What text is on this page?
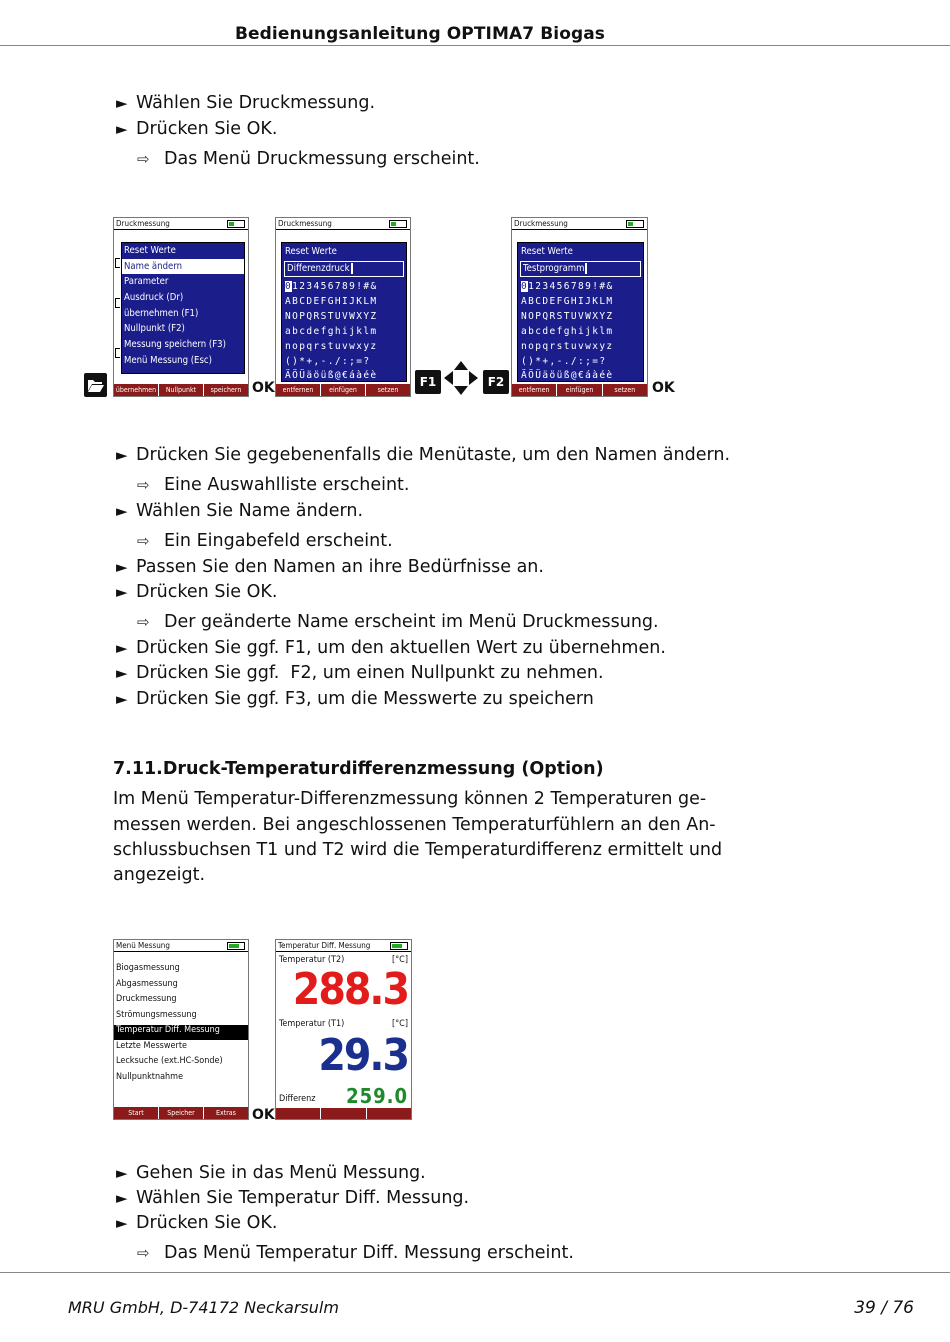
Bedienungsanleitung OPTIMA7 Biogas
► Wählen Sie Druckmessung.
► Drücken Sie OK.
⇨ Das Menü Druckmessung erscheint.
Druckmessung
Reset Werte
Name ändern
Parameter
Ausdruck (Dr)
übernehmen (F1)
Nullpunkt (F2)
Messung speichern (F3)
Menü Messung (Esc)
übernehmen	Nullpunkt	speichern OK
Druckmessung
Reset Werte
Differenzdruck
0123456789!#&
ABCDEFGHIJKLM
NOPQRSTUVWXYZ
abcdefghijklm
nopqrstuvwxyz
()*+,-./:;=?
ÄÖÜäöüß@€áàéè
entfernen	einfügen	setzen
F1	F2
Druckmessung
Reset Werte
Testprogramm
0123456789!#&
ABCDEFGHIJKLM
NOPQRSTUVWXYZ
abcdefghijklm
nopqrstuvwxyz
()*+,-./:;=?
ÄÖÜäöüß@€áàéè
entfernen	einfügen	setzen	OK
► Drücken Sie gegebenenfalls die Menütaste, um den Namen ändern.
⇨ Eine Auswahlliste erscheint.
► Wählen Sie Name ändern.
⇨ Ein Eingabefeld erscheint.
► Passen Sie den Namen an ihre Bedürfnisse an.
► Drücken Sie OK.
⇨ Der geänderte Name erscheint im Menü Druckmessung.
► Drücken Sie ggf. F1, um den aktuellen Wert zu übernehmen.
► Drücken Sie ggf.  F2, um einen Nullpunkt zu nehmen.
► Drücken Sie ggf. F3, um die Messwerte zu speichern
7.11.Druck-Temperaturdifferenzmessung (Option)
Im Menü Temperatur-Differenzmessung können 2 Temperaturen ge-
messen werden. Bei angeschlossenen Temperaturfühlern an den An-
schlussbuchsen T1 und T2 wird die Temperaturdifferenz ermittelt und
angezeigt.
Menü Messung
Biogasmessung
Abgasmessung
Druckmessung
Strömungsmessung
Temperatur Diff. Messung
Letzte Messwerte
Lecksuche (ext.HC-Sonde)
Nullpunktnahme
Start	Speicher	Extras	OK
Temperatur Diff. Messung
Temperatur (T2)	[°C]
288.3
Temperatur (T1)	[°C]
29.3
Differenz 259.0
► Gehen Sie in das Menü Messung.
► Wählen Sie Temperatur Diff. Messung.
► Drücken Sie OK.
⇨ Das Menü Temperatur Diff. Messung erscheint.
MRU GmbH, D-74172 Neckarsulm	39 / 76
